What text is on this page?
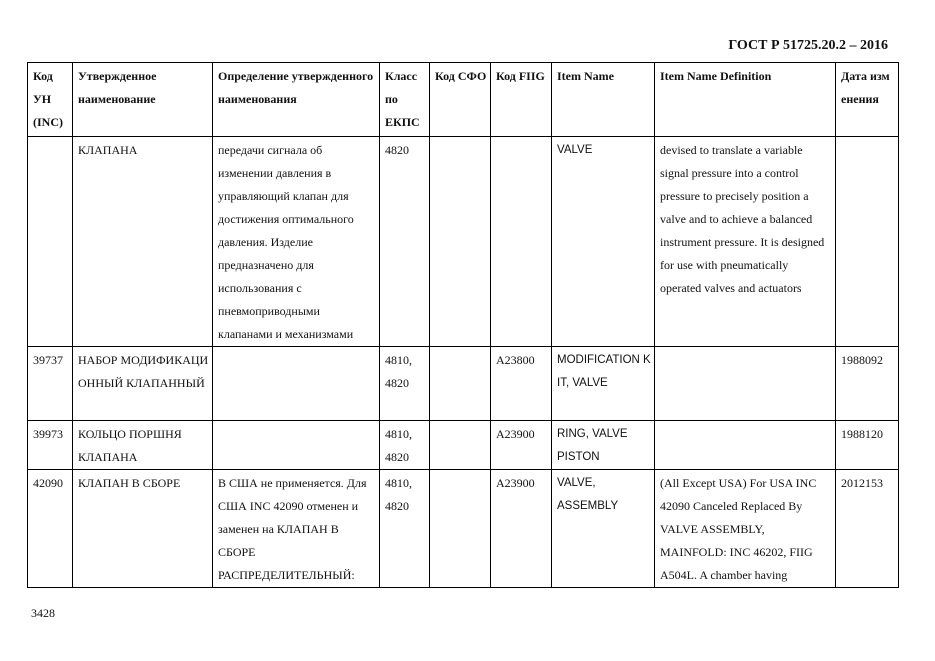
ГОСТ Р 51725.20.2 – 2016
Код УН (INC)	Утвержденное наименование	Определение утвержденного наименования	Класс по ЕКПС	Код СФО	Код FIIG	Item Name	Item Name Definition	Дата изменения
	КЛАПАНА	передачи сигнала об изменении давления в управляющий клапан для достижения оптимального давления. Изделие предназначено для использования с пневмоприводными клапанами и механизмами	4820			VALVE	devised to translate a variable signal pressure into a control pressure to precisely position a valve and to achieve a balanced instrument pressure. It is designed for use with pneumatically operated valves and actuators	
39737	НАБОР МОДИФИКАЦИОННЫЙ КЛАПАННЫЙ		4810, 4820		A23800	MODIFICATION KIT, VALVE		1988092
39973	КОЛЬЦО ПОРШНЯ КЛАПАНА		4810, 4820		A23900	RING, VALVE PISTON		1988120
42090	КЛАПАН В СБОРЕ	В США не применяется. Для США INC 42090 отменен и заменен на КЛАПАН В СБОРЕ РАСПРЕДЕЛИТЕЛЬНЫЙ:	4810, 4820		A23900	VALVE, ASSEMBLY	(All Except USA) For USA INC 42090 Canceled Replaced By VALVE ASSEMBLY, MAINFOLD: INC 46202, FIIG A504L. A chamber having	2012153
3428
